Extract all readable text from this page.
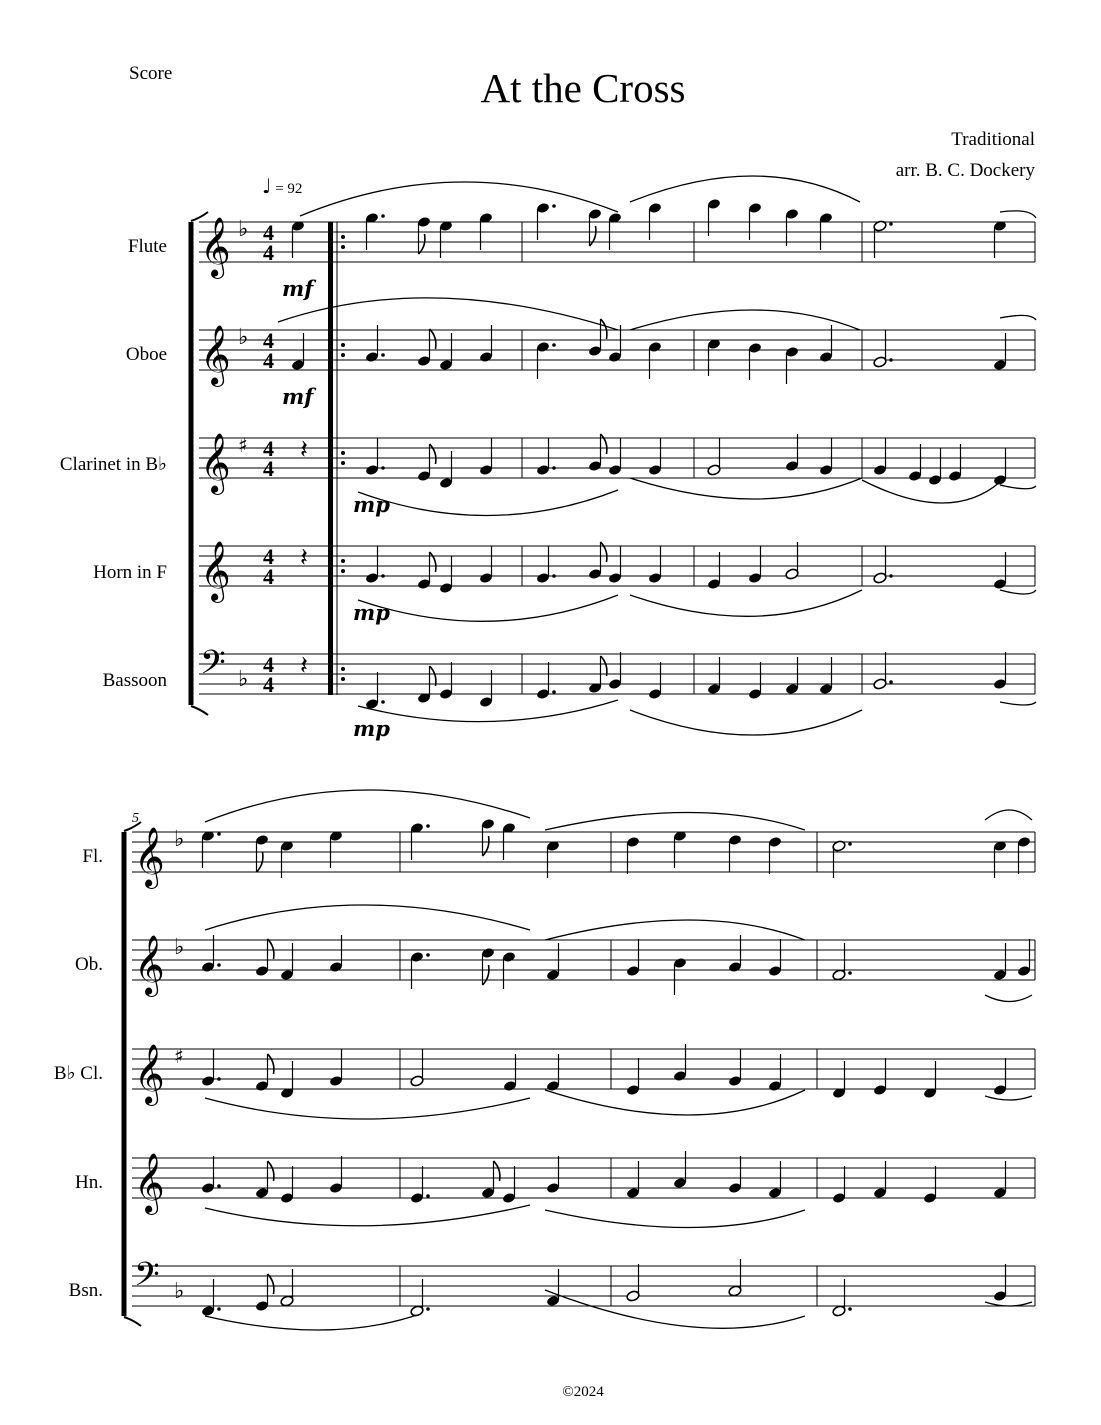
Score	At the Cross
Traditional
arr. B. C. Dockery
♩ = 92
Flute
Oboe
Clarinet in B♭
Horn in F
Bassoon
𝄞
𝄞
𝄞
𝄞
𝄢
♭
♭
♯
♭
4
4
4
4
4
4
4
4
4
4
𝄽
𝄽
𝄽
mf
mf
mp
mp
mp
5
Fl.
Ob.
B♭ Cl.
Hn.
Bsn.
𝄞
𝄞
𝄞
𝄞
𝄢
♭
♭
♯
♭
©2024
